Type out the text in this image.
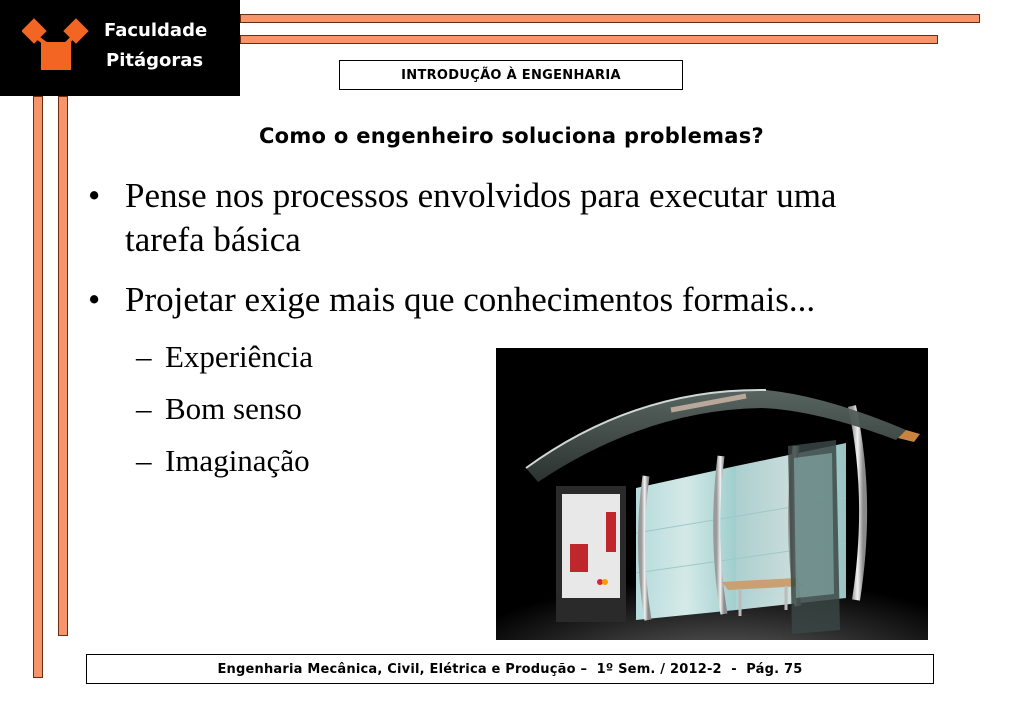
Faculdade
Pitágoras
INTRODUÇÃO À ENGENHARIA
Como o engenheiro soluciona problemas?
• Pense nos processos envolvidos para executar uma tarefa básica
• Projetar exige mais que conhecimentos formais...
– Experiência
– Bom senso
– Imaginação
Engenharia Mecânica, Civil, Elétrica e Produção –  1º Sem. / 2012-2  -  Pág. 75
